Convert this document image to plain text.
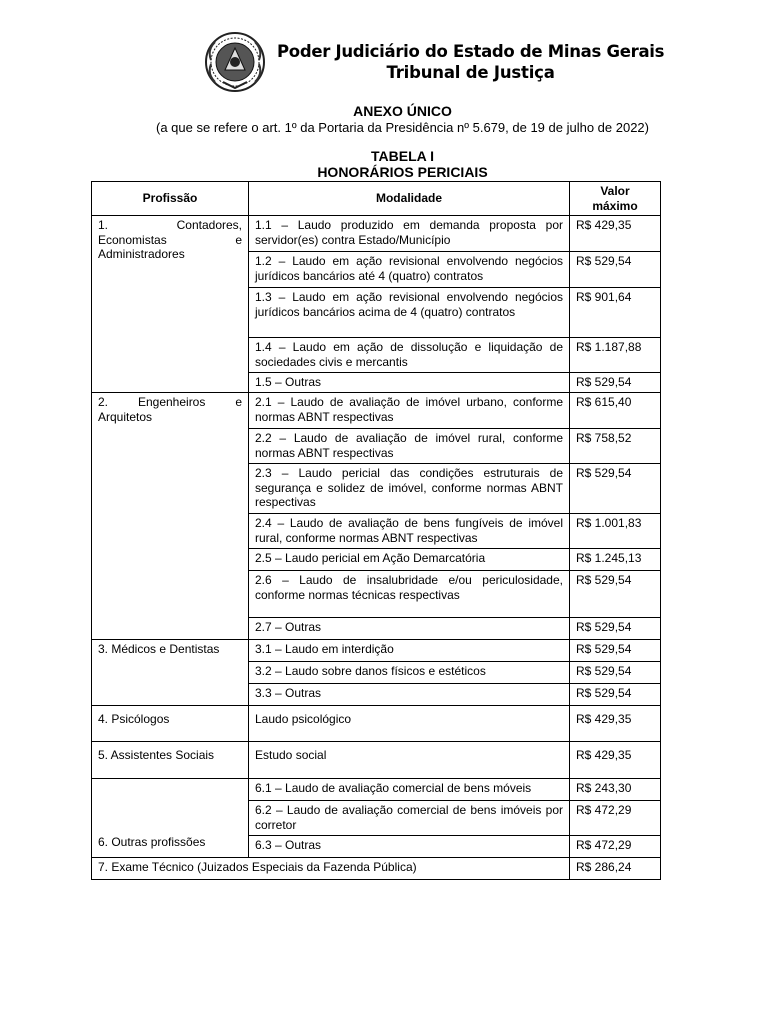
Poder Judiciário do Estado de Minas Gerais
Tribunal de Justiça
ANEXO ÚNICO
(a que se refere o art. 1º da Portaria da Presidência nº 5.679, de 19 de julho de 2022)
TABELA I
HONORÁRIOS PERICIAIS
Profissão	Modalidade	Valor máximo
1. Contadores, Economistas e Administradores	1.1 – Laudo produzido em demanda proposta por servidor(es) contra Estado/Município	R$ 429,35
	1.2 – Laudo em ação revisional envolvendo negócios jurídicos bancários até 4 (quatro) contratos	R$ 529,54
	1.3 – Laudo em ação revisional envolvendo negócios jurídicos bancários acima de 4 (quatro) contratos	R$ 901,64
	1.4 – Laudo em ação de dissolução e liquidação de sociedades civis e mercantis	R$ 1.187,88
	1.5 – Outras	R$ 529,54
2. Engenheiros e Arquitetos	2.1 – Laudo de avaliação de imóvel urbano, conforme normas ABNT respectivas	R$ 615,40
	2.2 – Laudo de avaliação de imóvel rural, conforme normas ABNT respectivas	R$ 758,52
	2.3 – Laudo pericial das condições estruturais de segurança e solidez de imóvel, conforme normas ABNT respectivas	R$ 529,54
	2.4 – Laudo de avaliação de bens fungíveis de imóvel rural, conforme normas ABNT respectivas	R$ 1.001,83
	2.5 – Laudo pericial em Ação Demarcatória	R$ 1.245,13
	2.6 – Laudo de insalubridade e/ou periculosidade, conforme normas técnicas respectivas	R$ 529,54
	2.7 – Outras	R$ 529,54
3. Médicos e Dentistas	3.1 – Laudo em interdição	R$ 529,54
	3.2 – Laudo sobre danos físicos e estéticos	R$ 529,54
	3.3 – Outras	R$ 529,54
4. Psicólogos	Laudo psicológico	R$ 429,35
5. Assistentes Sociais	Estudo social	R$ 429,35
6. Outras profissões	6.1 – Laudo de avaliação comercial de bens móveis	R$ 243,30
	6.2 – Laudo de avaliação comercial de bens imóveis por corretor	R$ 472,29
	6.3 – Outras	R$ 472,29
7. Exame Técnico (Juizados Especiais da Fazenda Pública)		R$ 286,24
